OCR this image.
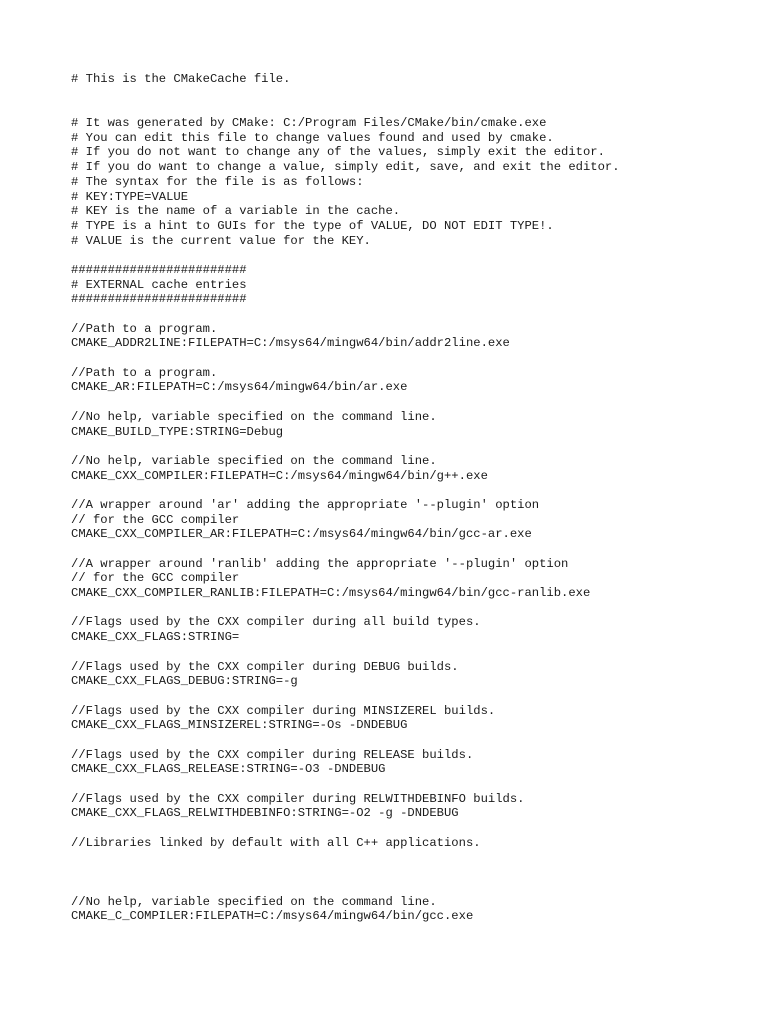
# This is the CMakeCache file.

# It was generated by CMake: C:/Program Files/CMake/bin/cmake.exe
# You can edit this file to change values found and used by cmake.
# If you do not want to change any of the values, simply exit the editor.
# If you do want to change a value, simply edit, save, and exit the editor.
# The syntax for the file is as follows:
# KEY:TYPE=VALUE
# KEY is the name of a variable in the cache.
# TYPE is a hint to GUIs for the type of VALUE, DO NOT EDIT TYPE!.
# VALUE is the current value for the KEY.
########################
# EXTERNAL cache entries
########################
//Path to a program.
CMAKE_ADDR2LINE:FILEPATH=C:/msys64/mingw64/bin/addr2line.exe
//Path to a program.
CMAKE_AR:FILEPATH=C:/msys64/mingw64/bin/ar.exe
//No help, variable specified on the command line.
CMAKE_BUILD_TYPE:STRING=Debug
//No help, variable specified on the command line.
CMAKE_CXX_COMPILER:FILEPATH=C:/msys64/mingw64/bin/g++.exe
//A wrapper around 'ar' adding the appropriate '--plugin' option
// for the GCC compiler
CMAKE_CXX_COMPILER_AR:FILEPATH=C:/msys64/mingw64/bin/gcc-ar.exe
//A wrapper around 'ranlib' adding the appropriate '--plugin' option
// for the GCC compiler
CMAKE_CXX_COMPILER_RANLIB:FILEPATH=C:/msys64/mingw64/bin/gcc-ranlib.exe
//Flags used by the CXX compiler during all build types.
CMAKE_CXX_FLAGS:STRING=
//Flags used by the CXX compiler during DEBUG builds.
CMAKE_CXX_FLAGS_DEBUG:STRING=-g
//Flags used by the CXX compiler during MINSIZEREL builds.
CMAKE_CXX_FLAGS_MINSIZEREL:STRING=-Os -DNDEBUG
//Flags used by the CXX compiler during RELEASE builds.
CMAKE_CXX_FLAGS_RELEASE:STRING=-O3 -DNDEBUG
//Flags used by the CXX compiler during RELWITHDEBINFO builds.
CMAKE_CXX_FLAGS_RELWITHDEBINFO:STRING=-O2 -g -DNDEBUG
//Libraries linked by default with all C++ applications.

//No help, variable specified on the command line.
CMAKE_C_COMPILER:FILEPATH=C:/msys64/mingw64/bin/gcc.exe
